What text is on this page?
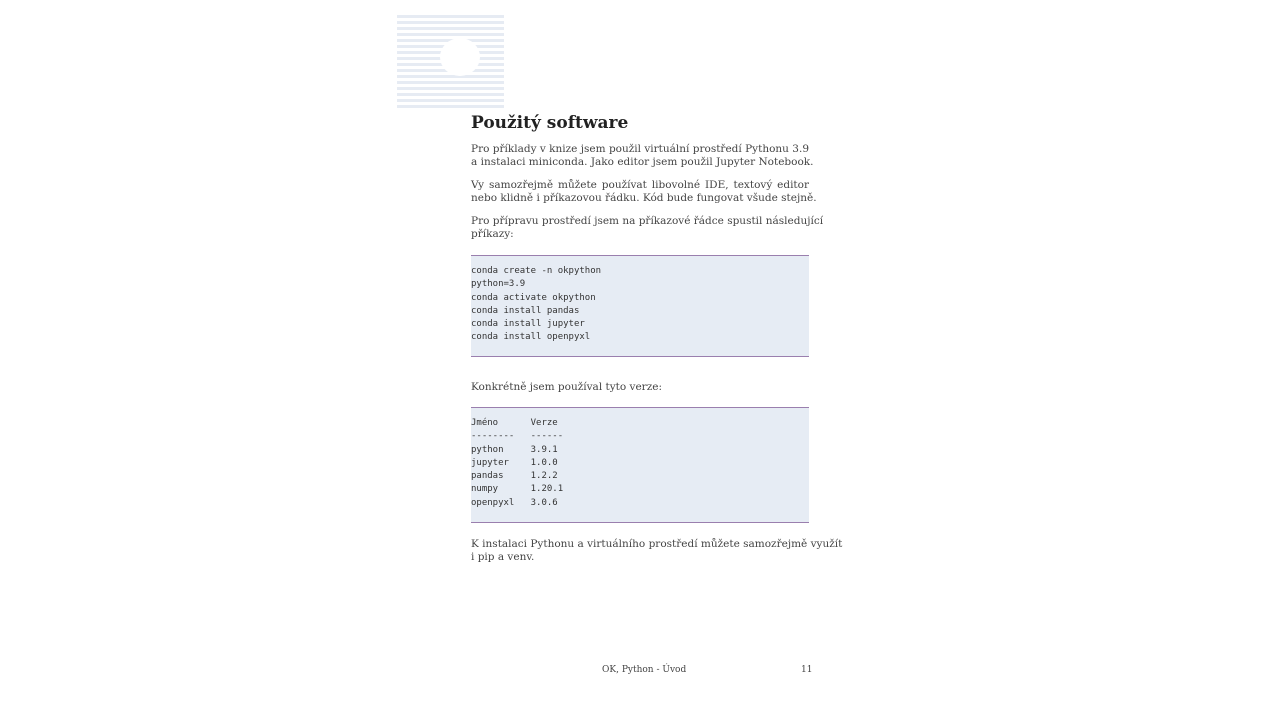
Použitý software
Pro příklady v knize jsem použil virtuální prostředí Pythonu 3.9
a instalaci miniconda. Jako editor jsem použil Jupyter Notebook.
Vy samozřejmě můžete používat libovolné IDE, textový editor
nebo klidně i příkazovou řádku. Kód bude fungovat všude stejně.
Pro přípravu prostředí jsem na příkazové řádce spustil následující
příkazy:
conda create -n okpython
python=3.9
conda activate okpython
conda install pandas
conda install jupyter
conda install openpyxl
Konkrétně jsem používal tyto verze:
Jméno      Verze
--------   ------
python     3.9.1
jupyter    1.0.0
pandas     1.2.2
numpy      1.20.1
openpyxl   3.0.6
K instalaci Pythonu a virtuálního prostředí můžete samozřejmě využít
i pip a venv.
OK, Python - Úvod	11
